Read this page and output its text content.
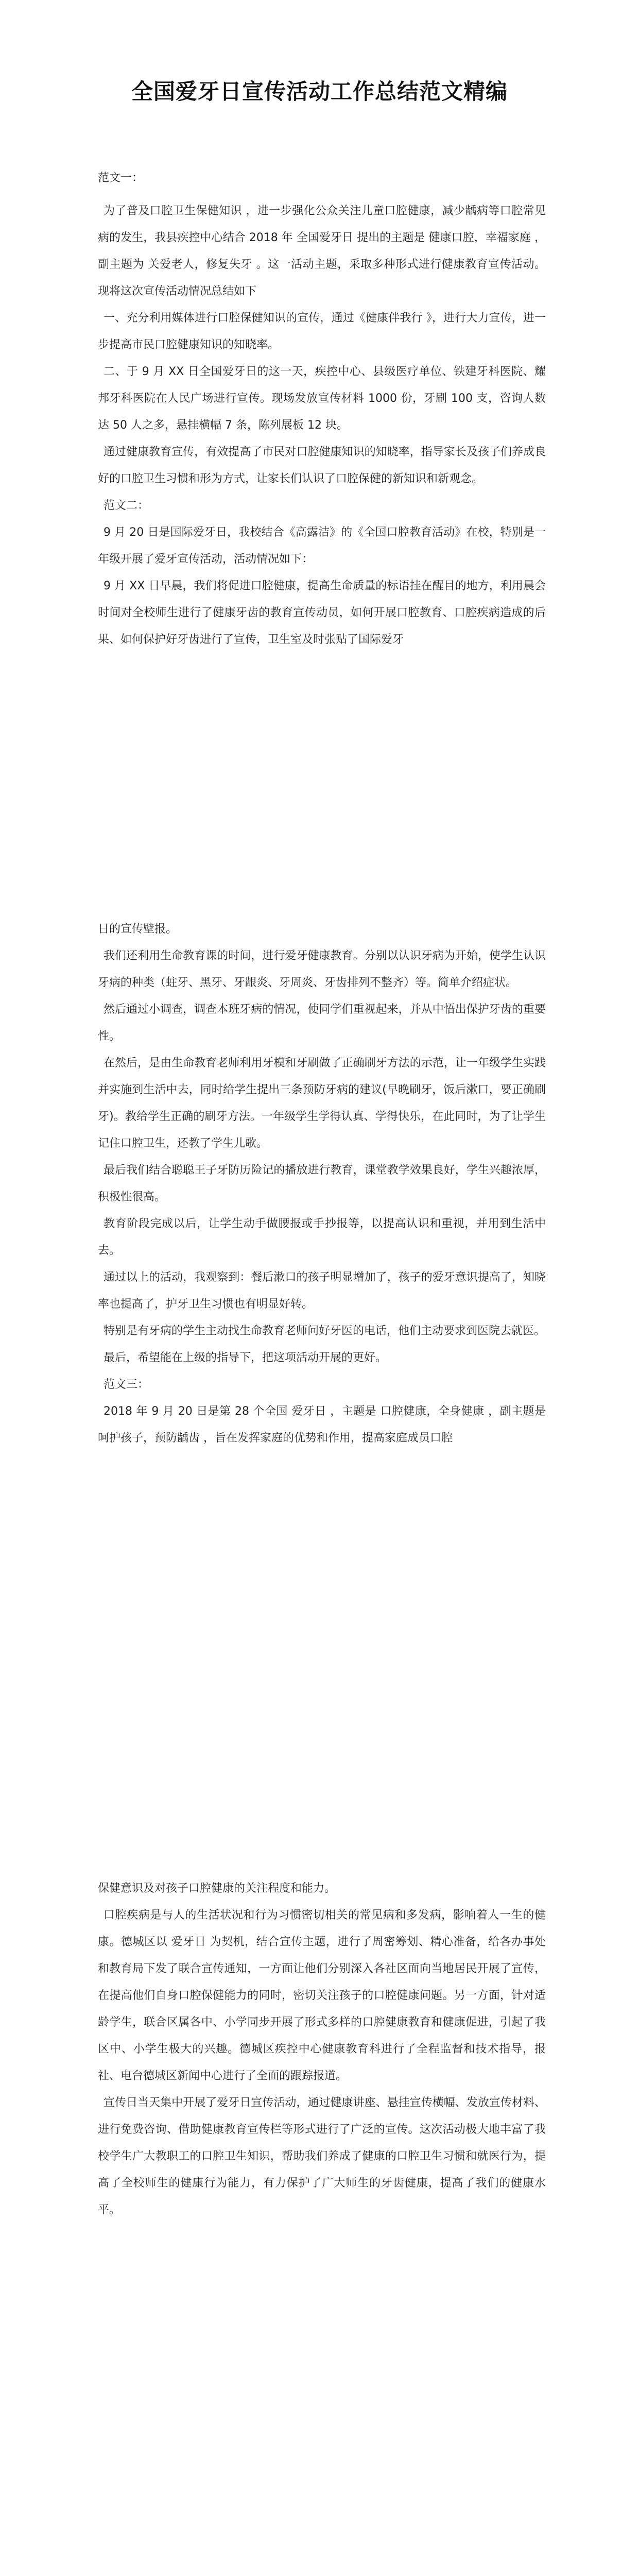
全国爱牙日宣传活动工作总结范文精编

范文一：

为了普及口腔卫生保健知识 ，进一步强化公众关注儿童口腔健康，减少龋病等口腔常见病的发生，我县疾控中心结合 2018 年 全国爱牙日 提出的主题是 健康口腔，幸福家庭 ， 副主题为 关爱老人，修复失牙 。这一活动主题，采取多种形式进行健康教育宣传活动。现将这次宣传活动情况总结如下

一、充分利用媒体进行口腔保健知识的宣传，通过《健康伴我行 》，进行大力宣传，进一步提高市民口腔健康知识的知晓率。

二、于 9 月 XX 日全国爱牙日的这一天，疾控中心、县级医疗单位、铁建牙科医院、耀邦牙科医院在人民广场进行宣传。现场发放宣传材料 1000 份，牙刷 100 支，咨询人数达 50 人之多，悬挂横幅 7 条，陈列展板 12 块。

通过健康教育宣传，有效提高了市民对口腔健康知识的知晓率，指导家长及孩子们养成良好的口腔卫生习惯和形为方式，让家长们认识了口腔保健的新知识和新观念。

范文二：

9 月 20 日是国际爱牙日，我校结合《高露洁》的《全国口腔教育活动》在校，特别是一年级开展了爱牙宣传活动，活动情况如下：

9 月 XX 日早晨，我们将促进口腔健康，提高生命质量的标语挂在醒目的地方，利用晨会时间对全校师生进行了健康牙齿的教育宣传动员，如何开展口腔教育、口腔疾病造成的后果、如何保护好牙齿进行了宣传，卫生室及时张贴了国际爱牙

日的宣传壁报。

我们还利用生命教育课的时间，进行爱牙健康教育。分别以认识牙病为开始，使学生认识牙病的种类（蛀牙、黑牙、牙龈炎、牙周炎、牙齿排列不整齐）等。简单介绍症状。

然后通过小调查，调查本班牙病的情况，使同学们重视起来，并从中悟出保护牙齿的重要性。

在然后，是由生命教育老师利用牙模和牙刷做了正确刷牙方法的示范，让一年级学生实践并实施到生活中去，同时给学生提出三条预防牙病的建议(早晚刷牙，饭后漱口，要正确刷牙)。教给学生正确的刷牙方法。一年级学生学得认真、学得快乐，在此同时，为了让学生记住口腔卫生，还教了学生儿歌。

最后我们结合聪聪王子牙防历险记的播放进行教育，课堂教学效果良好，学生兴趣浓厚，积极性很高。

教育阶段完成以后，让学生动手做腰报或手抄报等，以提高认识和重视，并用到生活中去。

通过以上的活动，我观察到：餐后漱口的孩子明显增加了，孩子的爱牙意识提高了，知晓率也提高了，护牙卫生习惯也有明显好转。

特别是有牙病的学生主动找生命教育老师问好牙医的电话，他们主动要求到医院去就医。

最后，希望能在上级的指导下，把这项活动开展的更好。

范文三：

2018 年 9 月 20 日是第 28 个全国 爱牙日 ，主题是 口腔健康，全身健康 ，副主题是 呵护孩子，预防龋齿 ，旨在发挥家庭的优势和作用，提高家庭成员口腔

保健意识及对孩子口腔健康的关注程度和能力。

口腔疾病是与人的生活状况和行为习惯密切相关的常见病和多发病，影响着人一生的健康。德城区以 爱牙日 为契机，结合宣传主题，进行了周密筹划、精心准备，给各办事处和教育局下发了联合宣传通知，一方面让他们分别深入各社区面向当地居民开展了宣传，在提高他们自身口腔保健能力的同时，密切关注孩子的口腔健康问题。另一方面，针对适龄学生，联合区属各中、小学同步开展了形式多样的口腔健康教育和健康促进，引起了我区中、小学生极大的兴趣。德城区疾控中心健康教育科进行了全程监督和技术指导，报社、电台德城区新闻中心进行了全面的跟踪报道。

宣传日当天集中开展了爱牙日宣传活动，通过健康讲座、悬挂宣传横幅、发放宣传材料、进行免费咨询、借助健康教育宣传栏等形式进行了广泛的宣传。这次活动极大地丰富了我校学生广大教职工的口腔卫生知识，帮助我们养成了健康的口腔卫生习惯和就医行为，提高了全校师生的健康行为能力，有力保护了广大师生的牙齿健康，提高了我们的健康水平。
